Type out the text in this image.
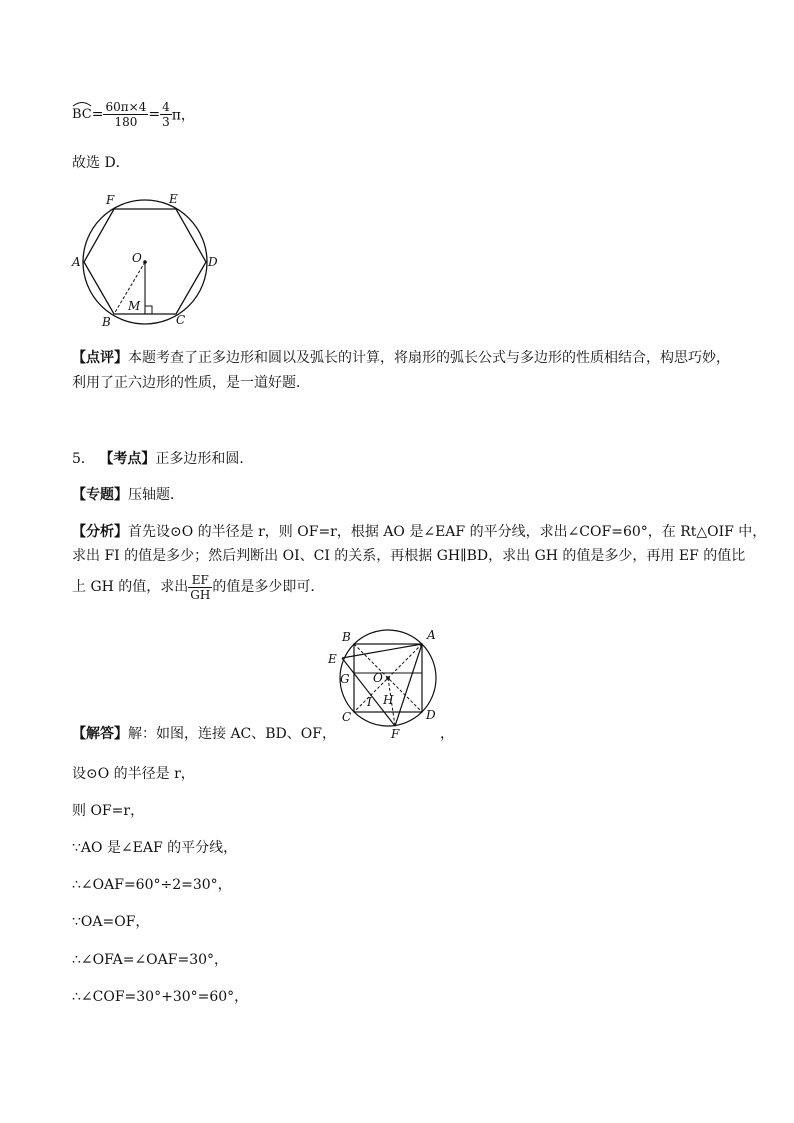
$BC= \frac{60\pi\times 4}{180} = \frac{4}{3}$ π，
故选 D．
F	E
A	D
O
M
B	C
【点评】本题考查了正多边形和圆以及弧长的计算，将扇形的弧长公式与多边形的性质相结合，构思巧妙，
利用了正六边形的性质，是一道好题．
5． 【考点】正多边形和圆．
【专题】压轴题．
【分析】首先设⊙O 的半径是 r，则 OF=r，根据 AO 是∠EAF 的平分线，求出∠COF=60°，在 Rt△OIF 中，
求出 FI 的值是多少；然后判断出 OI、CI 的关系，再根据 GH∥BD，求出 GH 的值是多少，再用 EF 的值比
上 GH 的值，求出 $\frac{EF}{GH}$ 的值是多少即可．
B	A
E
G O
I H
C	D
F
【解答】解：如图，连接 AC、BD、OF，	，
设⊙O 的半径是 r，
则 OF=r，
∵AO 是∠EAF 的平分线，
∴∠OAF=60°÷2=30°，
∵OA=OF，
∴∠OFA=∠OAF=30°，
∴∠COF=30°+30°=60°，
